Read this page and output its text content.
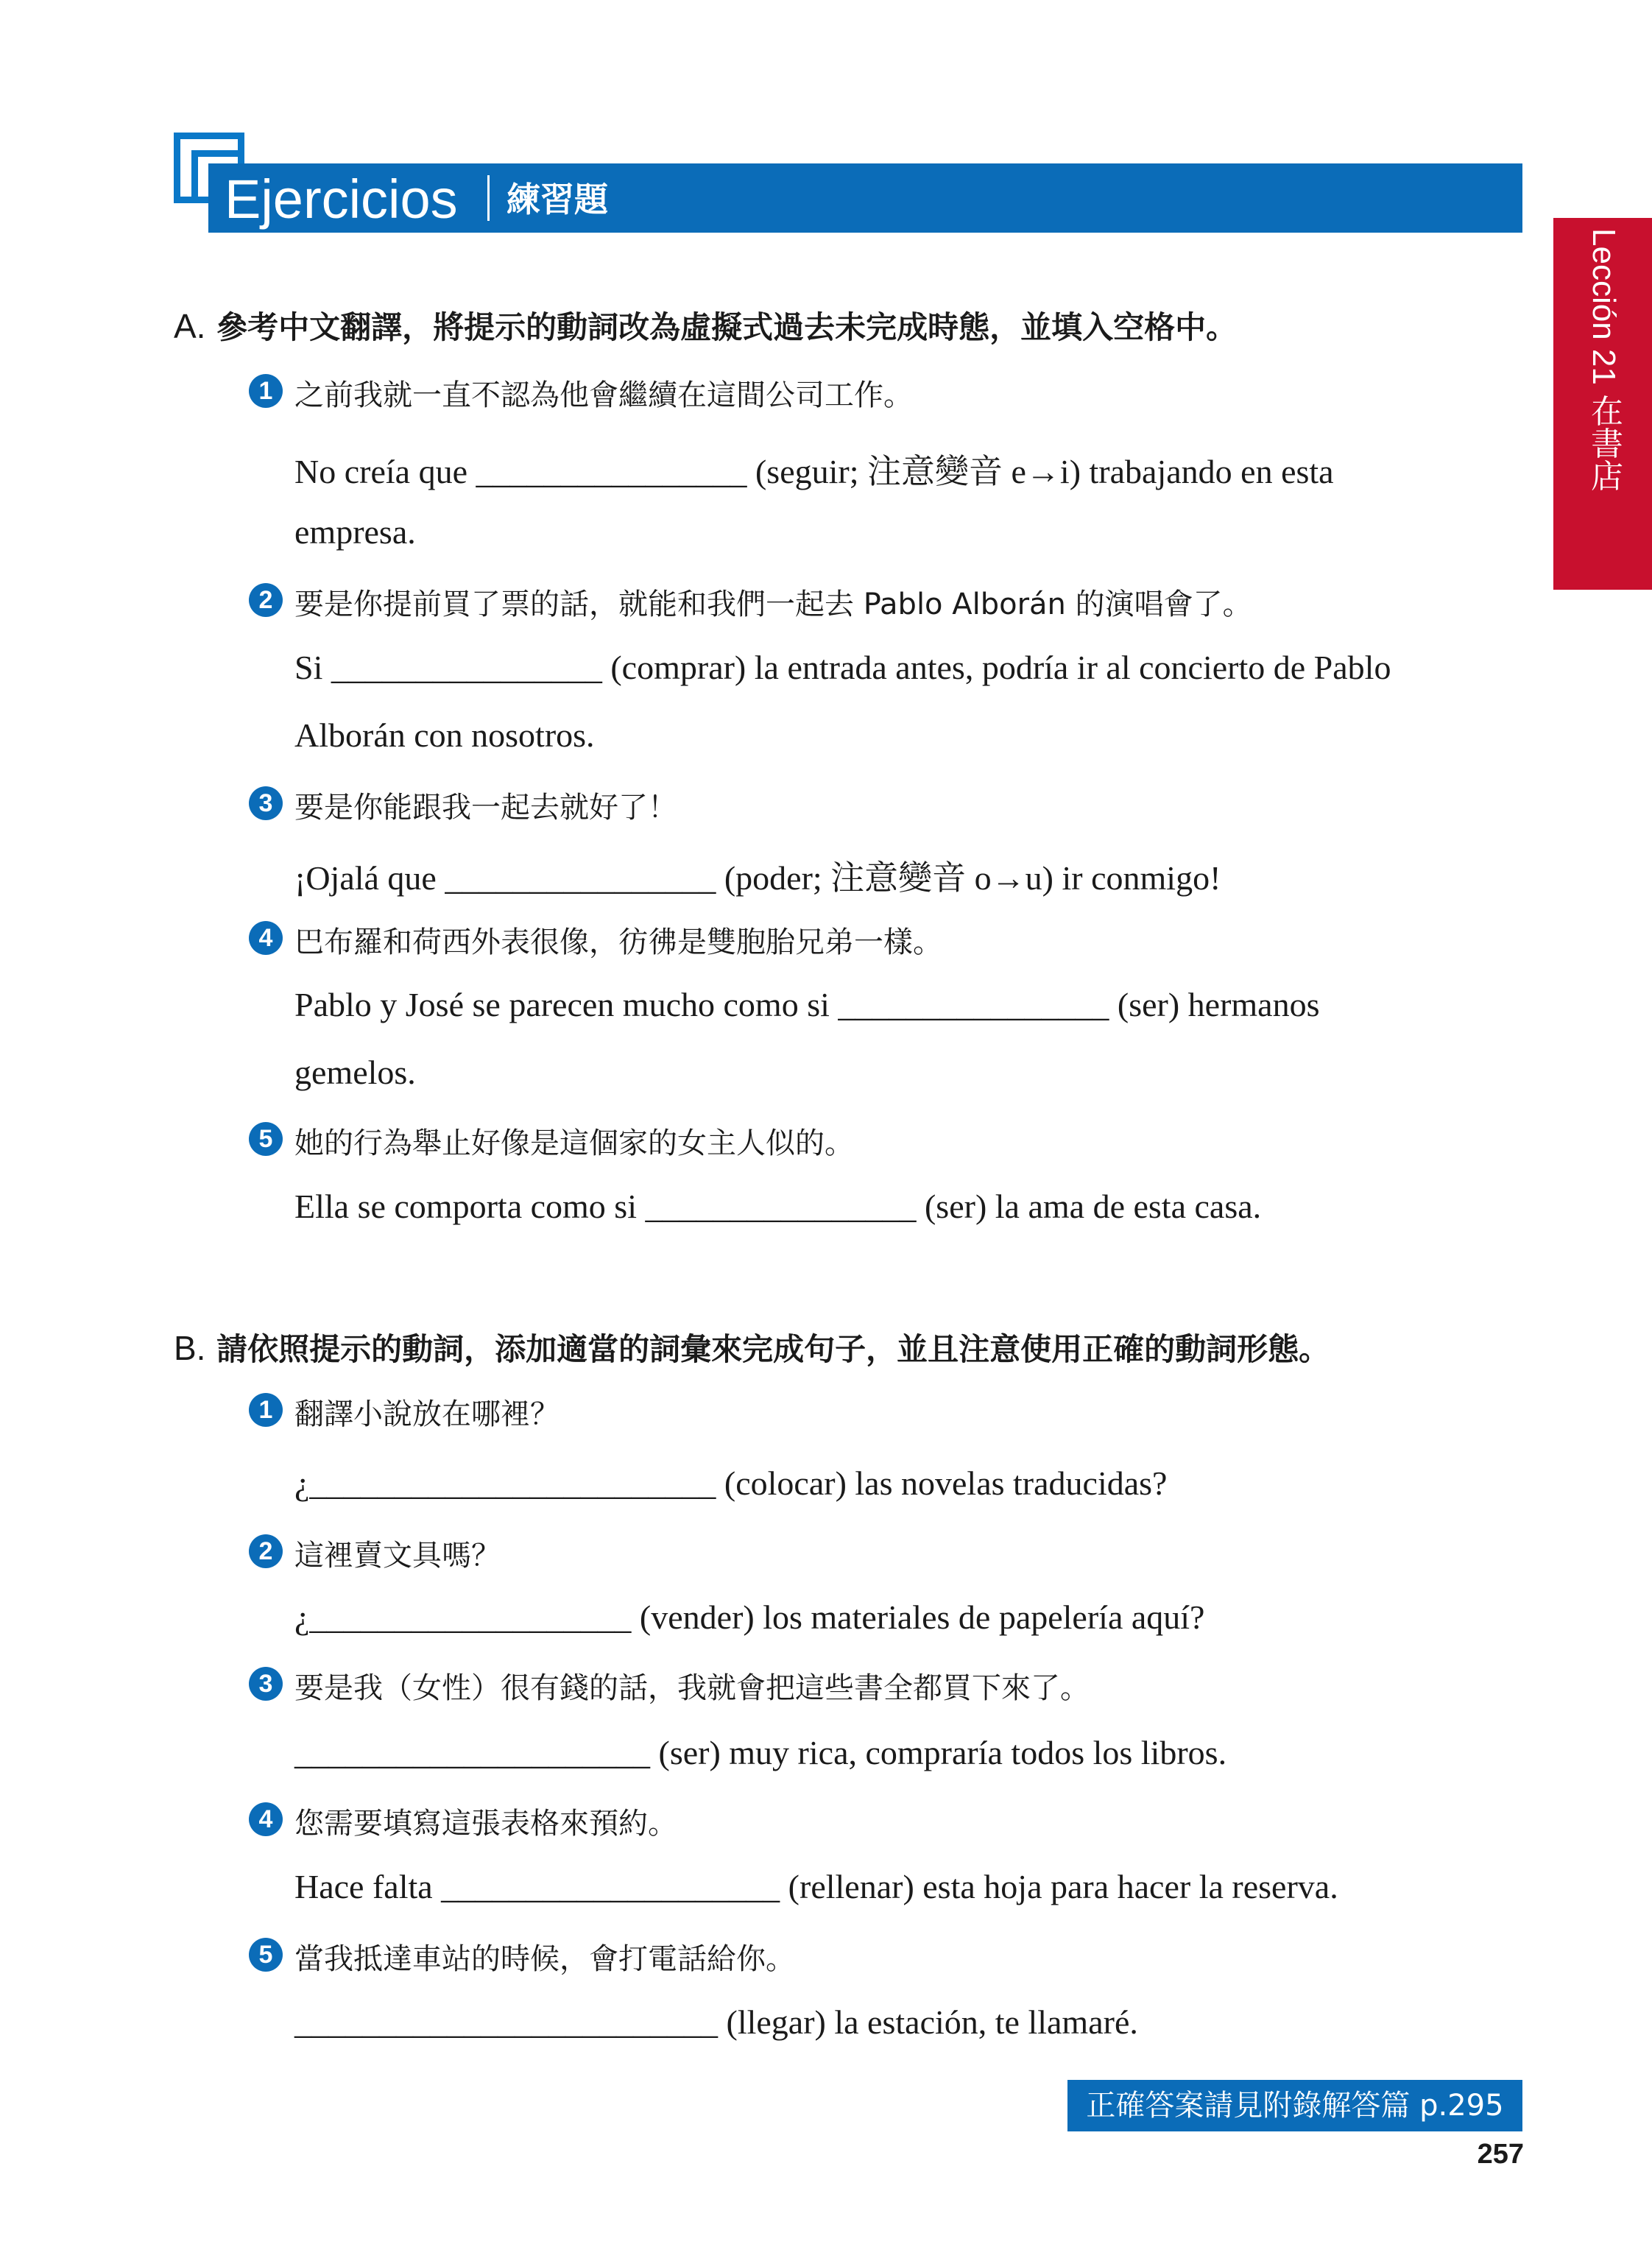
Ejercicios 練習題
Lección 21 在書店
A. 參考中文翻譯，將提示的動詞改為虛擬式過去未完成時態，並填入空格中。
1 之前我就一直不認為他會繼續在這間公司工作。
No creía que ________________ (seguir; 注意變音 e→i) trabajando en esta
empresa.
2 要是你提前買了票的話，就能和我們一起去 Pablo Alborán 的演唱會了。
Si ________________ (comprar) la entrada antes, podría ir al concierto de Pablo
Alborán con nosotros.
3 要是你能跟我一起去就好了！
¡Ojalá que ________________ (poder; 注意變音 o→u) ir conmigo!
4 巴布羅和荷西外表很像，彷彿是雙胞胎兄弟一樣。
Pablo y José se parecen mucho como si ________________ (ser) hermanos
gemelos.
5 她的行為舉止好像是這個家的女主人似的。
Ella se comporta como si ________________ (ser) la ama de esta casa.
B. 請依照提示的動詞，添加適當的詞彙來完成句子，並且注意使用正確的動詞形態。
1 翻譯小說放在哪裡？
¿________________________ (colocar) las novelas traducidas?
2 這裡賣文具嗎？
¿___________________ (vender) los materiales de papelería aquí?
3 要是我（女性）很有錢的話，我就會把這些書全都買下來了。
_____________________ (ser) muy rica, compraría todos los libros.
4 您需要填寫這張表格來預約。
Hace falta ____________________ (rellenar) esta hoja para hacer la reserva.
5 當我抵達車站的時候，會打電話給你。
_________________________ (llegar) la estación, te llamaré.
正確答案請見附錄解答篇 p.295
257
